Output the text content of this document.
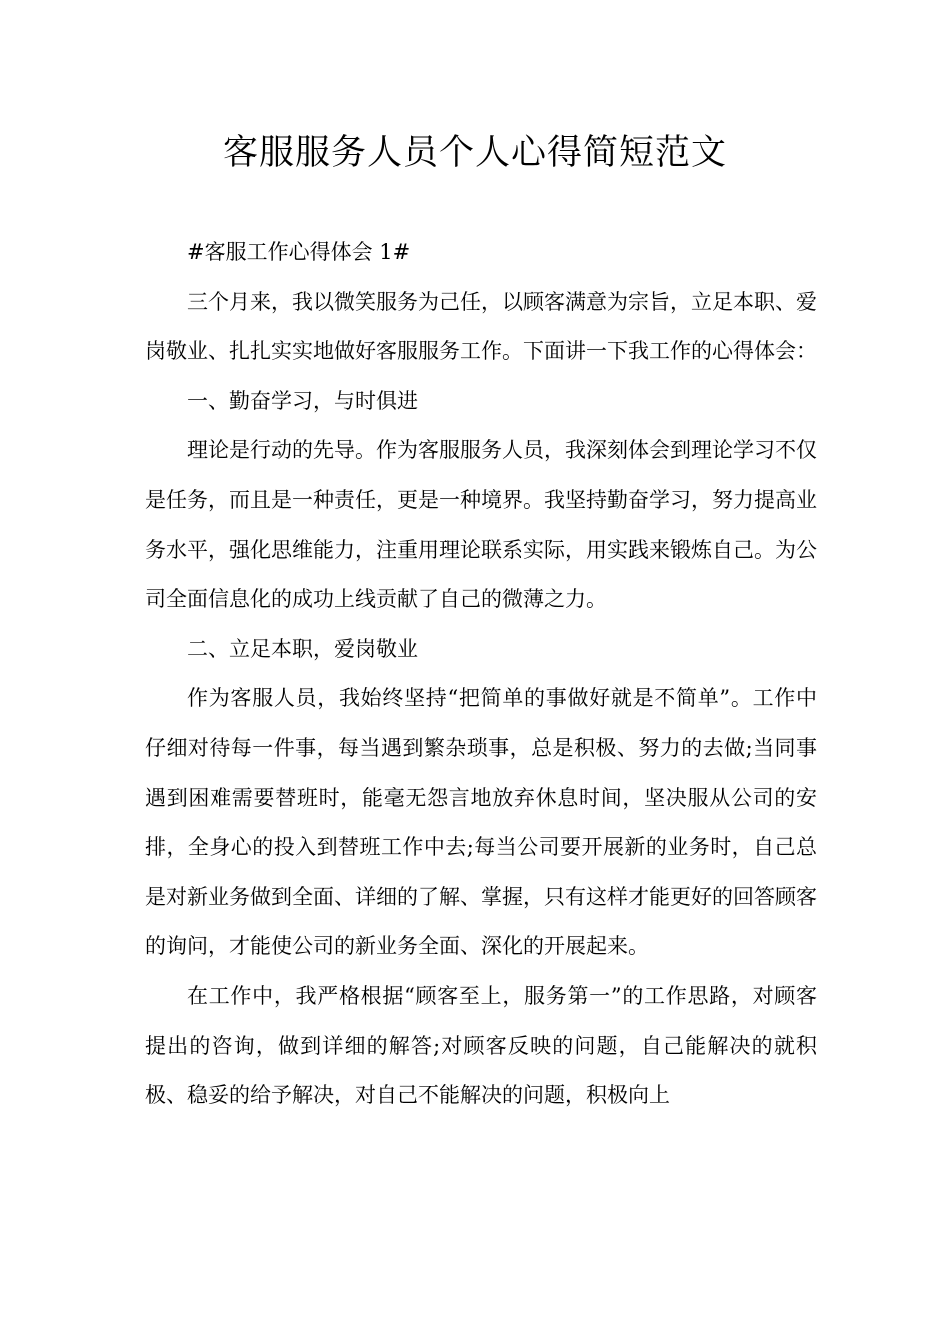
客服服务人员个人心得简短范文

#客服工作心得体会 1#

三个月来，我以微笑服务为己任，以顾客满意为宗旨，立足本职、爱岗敬业、扎扎实实地做好客服服务工作。下面讲一下我工作的心得体会：

一、勤奋学习，与时俱进

理论是行动的先导。作为客服服务人员，我深刻体会到理论学习不仅是任务，而且是一种责任，更是一种境界。我坚持勤奋学习，努力提高业务水平，强化思维能力，注重用理论联系实际，用实践来锻炼自己。为公司全面信息化的成功上线贡献了自己的微薄之力。

二、立足本职，爱岗敬业

作为客服人员，我始终坚持“把简单的事做好就是不简单”。工作中仔细对待每一件事，每当遇到繁杂琐事，总是积极、努力的去做;当同事遇到困难需要替班时，能毫无怨言地放弃休息时间，坚决服从公司的安排，全身心的投入到替班工作中去;每当公司要开展新的业务时，自己总是对新业务做到全面、详细的了解、掌握，只有这样才能更好的回答顾客的询问，才能使公司的新业务全面、深化的开展起来。

在工作中，我严格根据“顾客至上，服务第一”的工作思路，对顾客提出的咨询，做到详细的解答;对顾客反映的问题，自己能解决的就积极、稳妥的给予解决，对自己不能解决的问题，积极向上
